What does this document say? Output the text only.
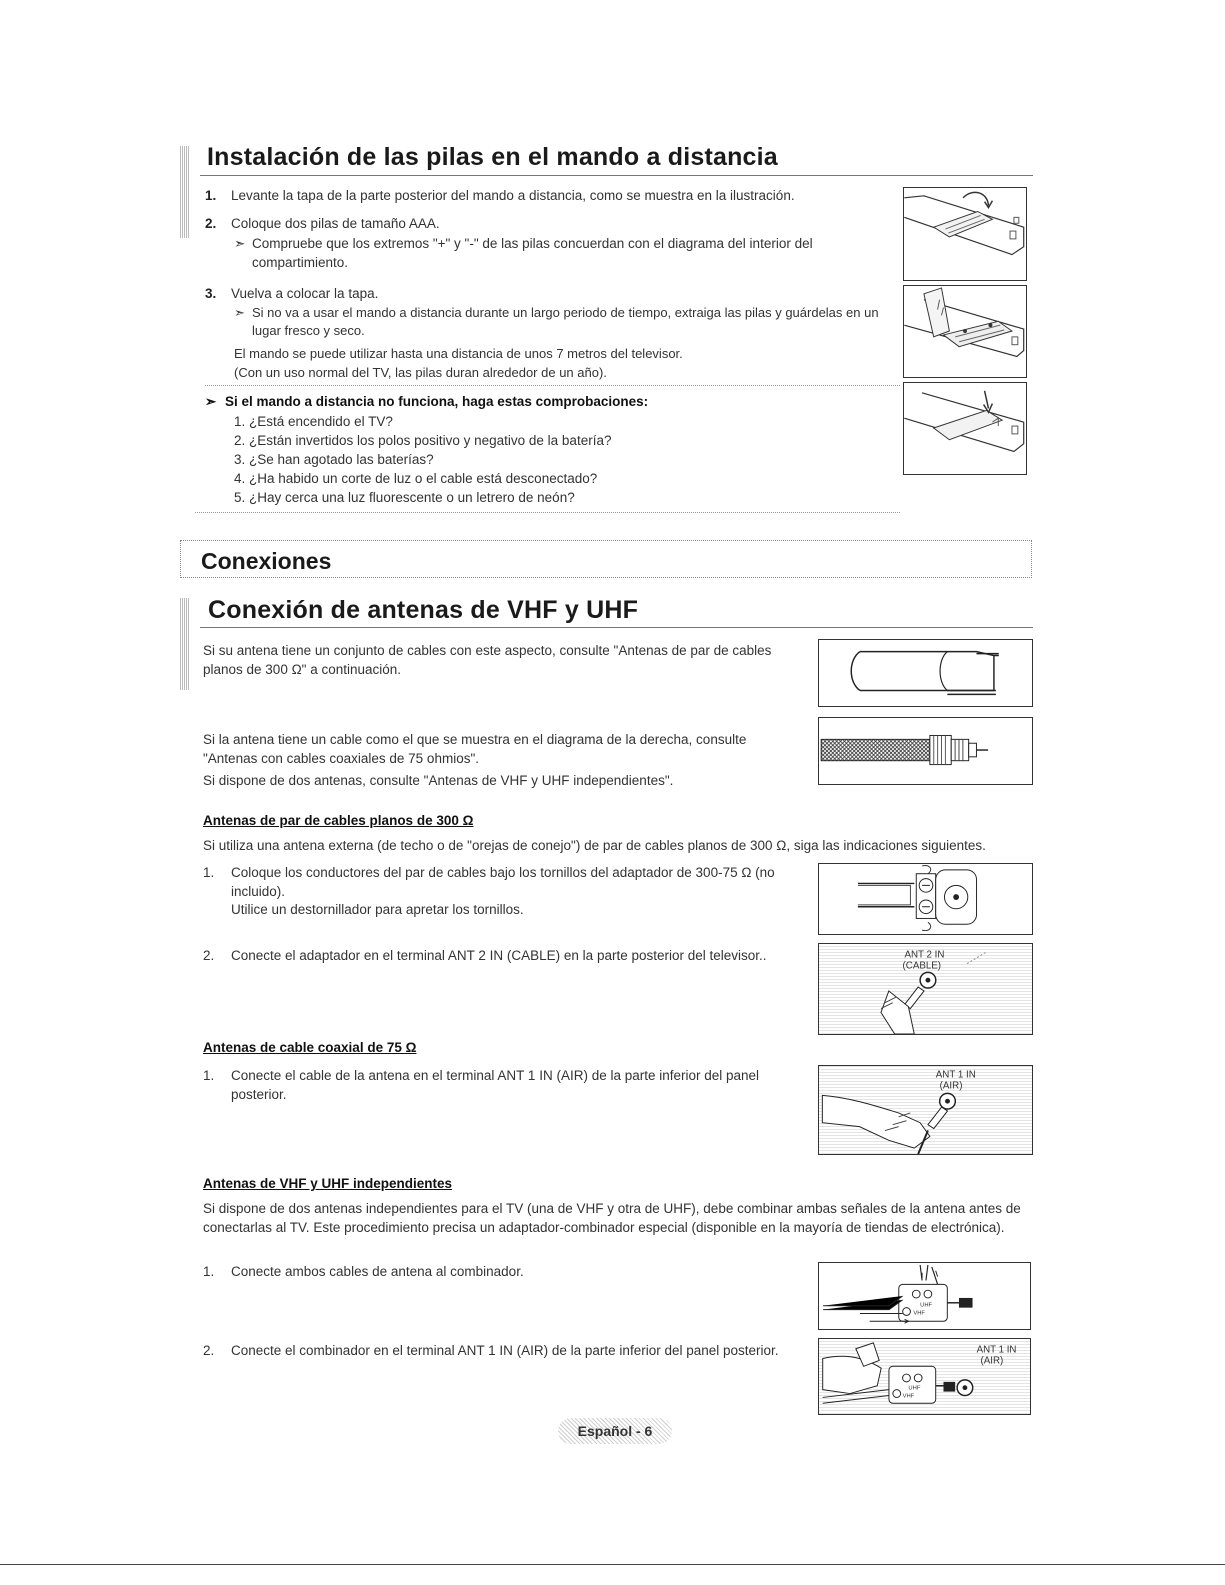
Instalación de las pilas en el mando a distancia
1. Levante la tapa de la parte posterior del mando a distancia, como se muestra en la ilustración.
2. Coloque dos pilas de tamaño AAA.
➣ Compruebe que los extremos "+" y "-" de las pilas concuerdan con el diagrama del interior del compartimiento.
3. Vuelva a colocar la tapa.
➣ Si no va a usar el mando a distancia durante un largo periodo de tiempo, extraiga las pilas y guárdelas en un lugar fresco y seco.
El mando se puede utilizar hasta una distancia de unos 7 metros del televisor.
(Con un uso normal del TV, las pilas duran alrededor de un año).
➣ Si el mando a distancia no funciona, haga estas comprobaciones:
1. ¿Está encendido el TV?
2. ¿Están invertidos los polos positivo y negativo de la batería?
3. ¿Se han agotado las baterías?
4. ¿Ha habido un corte de luz o el cable está desconectado?
5. ¿Hay cerca una luz fluorescente o un letrero de neón?
Conexiones
Conexión de antenas de VHF y UHF
Si su antena tiene un conjunto de cables con este aspecto, consulte "Antenas de par de cables planos de 300 Ω" a continuación.
Si la antena tiene un cable como el que se muestra en el diagrama de la derecha, consulte "Antenas con cables coaxiales de 75 ohmios".
Si dispone de dos antenas, consulte "Antenas de VHF y UHF independientes".
Antenas de par de cables planos de 300 Ω
Si utiliza una antena externa (de techo o de "orejas de conejo") de par de cables planos de 300 Ω, siga las indicaciones siguientes.
1.	Coloque los conductores del par de cables bajo los tornillos del adaptador de 300-75 Ω (no incluido).
Utilice un destornillador para apretar los tornillos.
2.	Conecte el adaptador en el terminal ANT 2 IN (CABLE) en la parte posterior del televisor..	ANT 2 IN
(CABLE)
Antenas de cable coaxial de 75 Ω
1.	Conecte el cable de la antena en el terminal ANT 1 IN (AIR) de la parte inferior del panel posterior.
ANT 1 IN
(AIR)
Antenas de VHF y UHF independientes
Si dispone de dos antenas independientes para el TV (una de VHF y otra de UHF), debe combinar ambas señales de la antena antes de conectarlas al TV. Este procedimiento precisa un adaptador-combinador especial (disponible en la mayoría de tiendas de electrónica).
1.	Conecte ambos cables de antena al combinador.
2.	Conecte el combinador en el terminal ANT 1 IN (AIR) de la parte inferior del panel posterior.
UHF
VHF
ANT 1 IN
(AIR)
UHF
VHF
Español - 6
